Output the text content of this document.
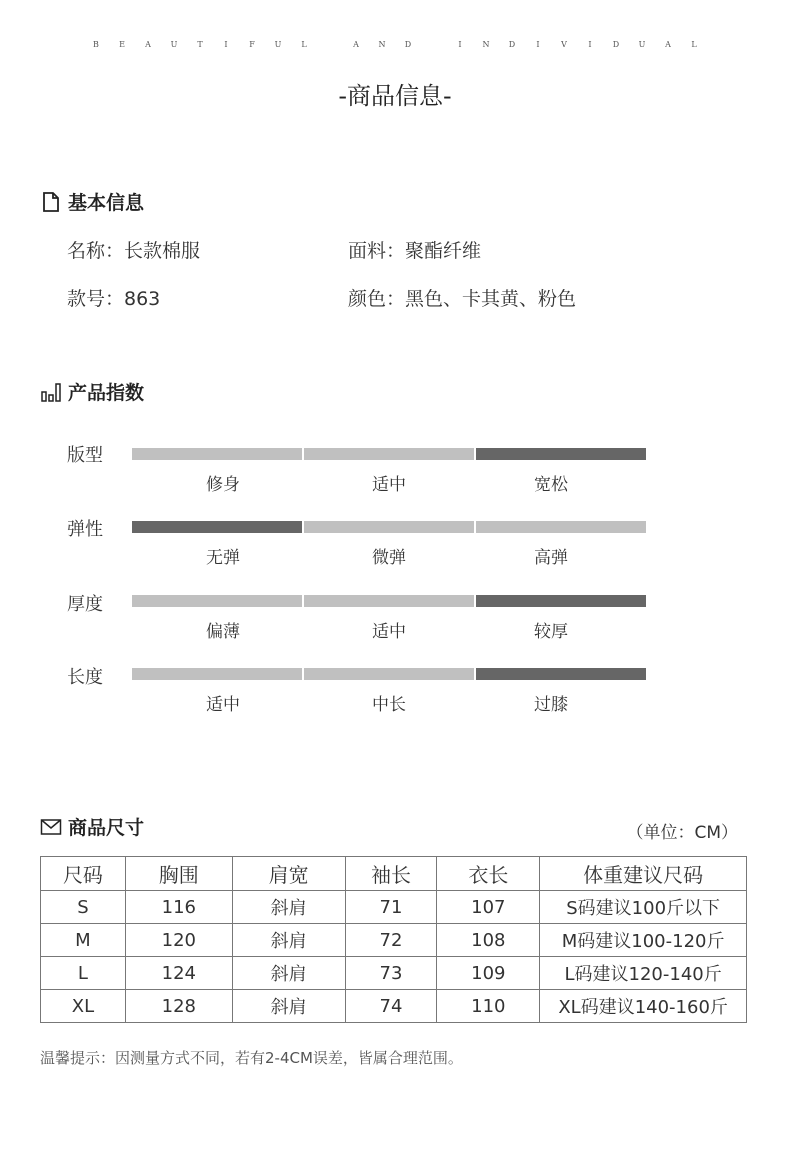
B	E	A U T	I	F U L	A N D	I	N D	I	V	I	D U A	L
-商品信息-
基本信息
名称：长款棉服	面料：聚酯纤维
款号：863	颜色：黑色、卡其黄、粉色
产品指数
版型
修身	适中	宽松
弹性
无弹	微弹	高弹
厚度
偏薄	适中	较厚
长度
适中	中长	过膝
商品尺寸	（单位：CM）
尺码	胸围	肩宽	袖长	衣长	体重建议尺码
S	116	斜肩	71	107	S码建议100斤以下
M	120	斜肩	72	108	M码建议100-120斤
L	124	斜肩	73	109	L码建议120-140斤
XL	128	斜肩	74	110	XL码建议140-160斤
温馨提示：因测量方式不同，若有2-4CM误差，皆属合理范围。
